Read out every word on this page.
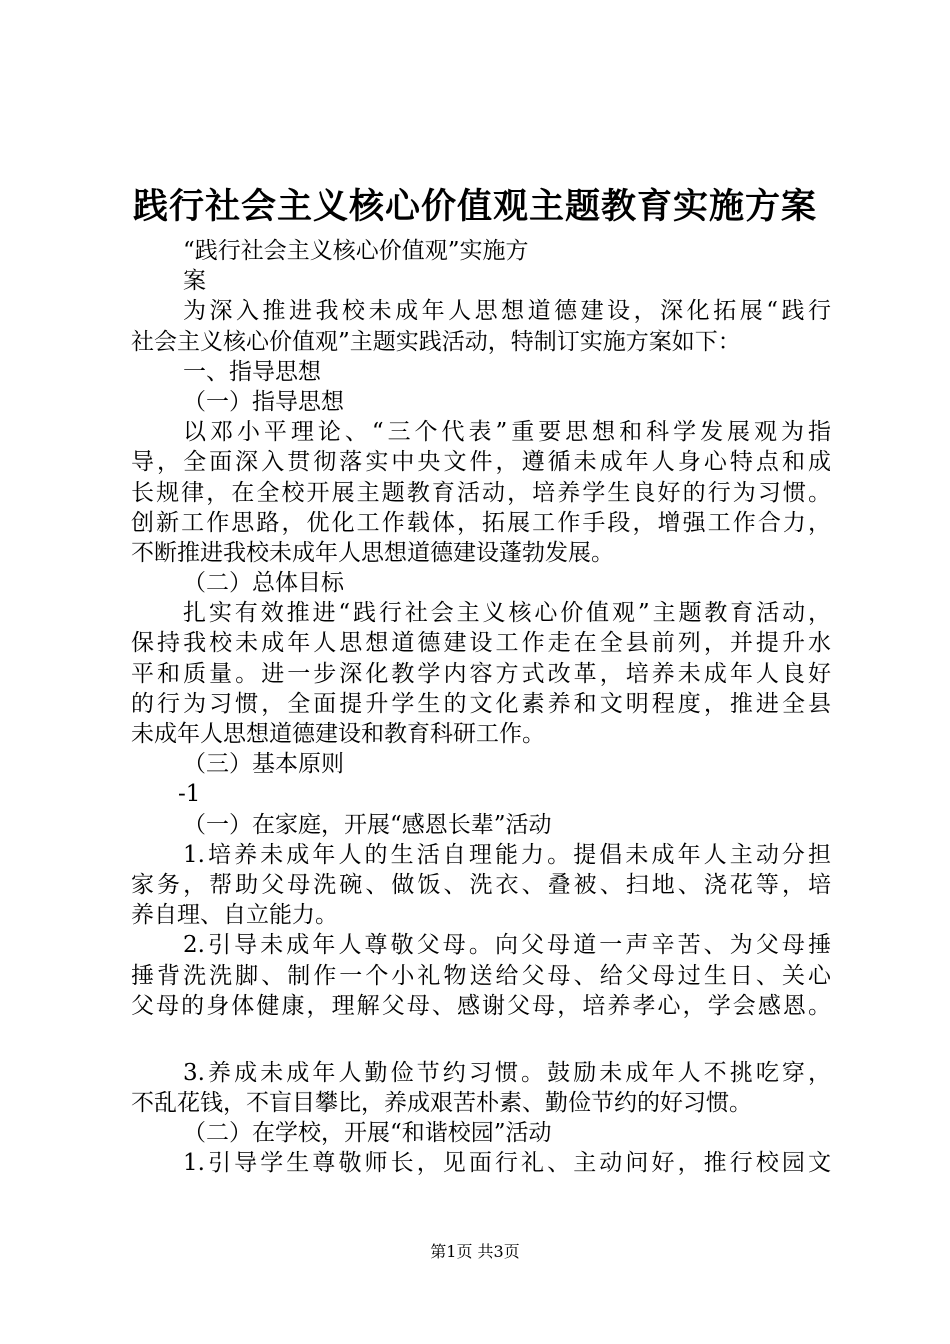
践行社会主义核心价值观主题教育实施方案
“践行社会主义核心价值观”实施方
案
为深入推进我校未成年人思想道德建设，深化拓展“践行
社会主义核心价值观”主题实践活动，特制订实施方案如下：
一、指导思想
（一）指导思想
以邓小平理论、“三个代表”重要思想和科学发展观为指
导，全面深入贯彻落实中央文件，遵循未成年人身心特点和成
长规律，在全校开展主题教育活动，培养学生良好的行为习惯。
创新工作思路，优化工作载体，拓展工作手段，增强工作合力，
不断推进我校未成年人思想道德建设蓬勃发展。
（二）总体目标
扎实有效推进“践行社会主义核心价值观”主题教育活动，
保持我校未成年人思想道德建设工作走在全县前列，并提升水
平和质量。进一步深化教学内容方式改革，培养未成年人良好
的行为习惯，全面提升学生的文化素养和文明程度，推进全县
未成年人思想道德建设和教育科研工作。
（三）基本原则
-1
（一）在家庭，开展“感恩长辈”活动
1.培养未成年人的生活自理能力。提倡未成年人主动分担
家务，帮助父母洗碗、做饭、洗衣、叠被、扫地、浇花等，培
养自理、自立能力。
2.引导未成年人尊敬父母。向父母道一声辛苦、为父母捶
捶背洗洗脚、制作一个小礼物送给父母、给父母过生日、关心
父母的身体健康，理解父母、感谢父母，培养孝心，学会感恩。
3.养成未成年人勤俭节约习惯。鼓励未成年人不挑吃穿，
不乱花钱，不盲目攀比，养成艰苦朴素、勤俭节约的好习惯。
（二）在学校，开展“和谐校园”活动
1.引导学生尊敬师长，见面行礼、主动问好，推行校园文
第1页 共3页
